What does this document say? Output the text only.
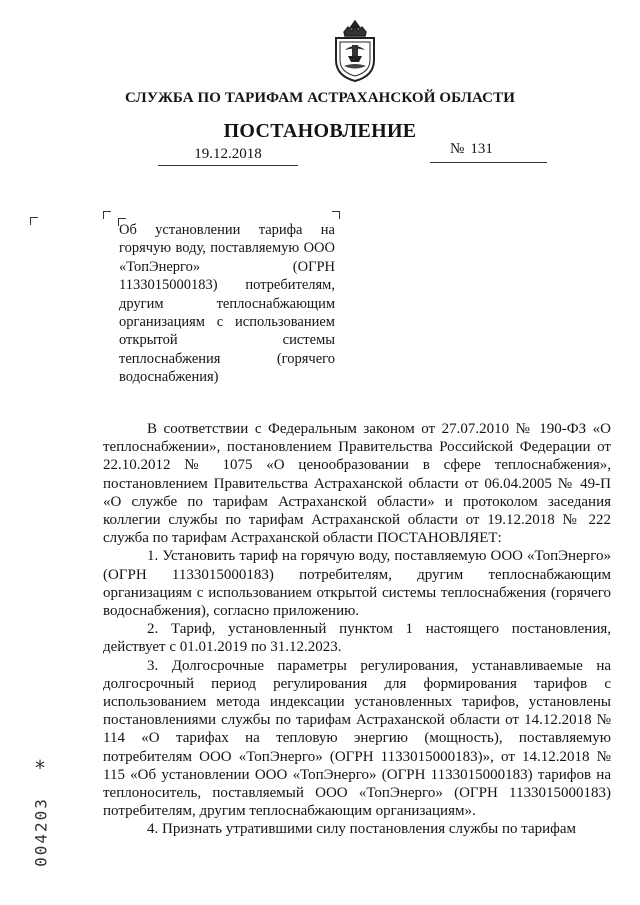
СЛУЖБА ПО ТАРИФАМ АСТРАХАНСКОЙ ОБЛАСТИ
ПОСТАНОВЛЕНИЕ
19.12.2018	№ 131
Об установлении тарифа на горячую воду, поставляемую ООО «ТопЭнерго» (ОГРН 1133015000183) потребителям, другим теплоснабжающим организациям с использованием открытой системы теплоснабжения (горячего водоснабжения)

В соответствии с Федеральным законом от 27.07.2010 № 190-ФЗ «О теплоснабжении», постановлением Правительства Российской Федерации от 22.10.2012 № 1075 «О ценообразовании в сфере теплоснабжения», постановлением Правительства Астраханской области от 06.04.2005 № 49-П «О службе по тарифам Астраханской области» и протоколом заседания коллегии службы по тарифам Астраханской области от 19.12.2018 № 222 служба по тарифам Астраханской области ПОСТАНОВЛЯЕТ:

1. Установить тариф на горячую воду, поставляемую ООО «ТопЭнерго» (ОГРН 1133015000183) потребителям, другим теплоснабжающим организациям с использованием открытой системы теплоснабжения (горячего водоснабжения), согласно приложению.

2. Тариф, установленный пунктом 1 настоящего постановления, действует с 01.01.2019 по 31.12.2023.

3. Долгосрочные параметры регулирования, устанавливаемые на долгосрочный период регулирования для формирования тарифов с использованием метода индексации установленных тарифов, установлены постановлениями службы по тарифам Астраханской области от 14.12.2018 № 114 «О тарифах на тепловую энергию (мощность), поставляемую потребителям ООО «ТопЭнерго» (ОГРН 1133015000183)», от 14.12.2018 № 115 «Об установлении ООО «ТопЭнерго» (ОГРН 1133015000183) тарифов на теплоноситель, поставляемый ООО «ТопЭнерго» (ОГРН 1133015000183) потребителям, другим теплоснабжающим организациям».

4. Признать утратившими силу постановления службы по тарифам

*
004203
